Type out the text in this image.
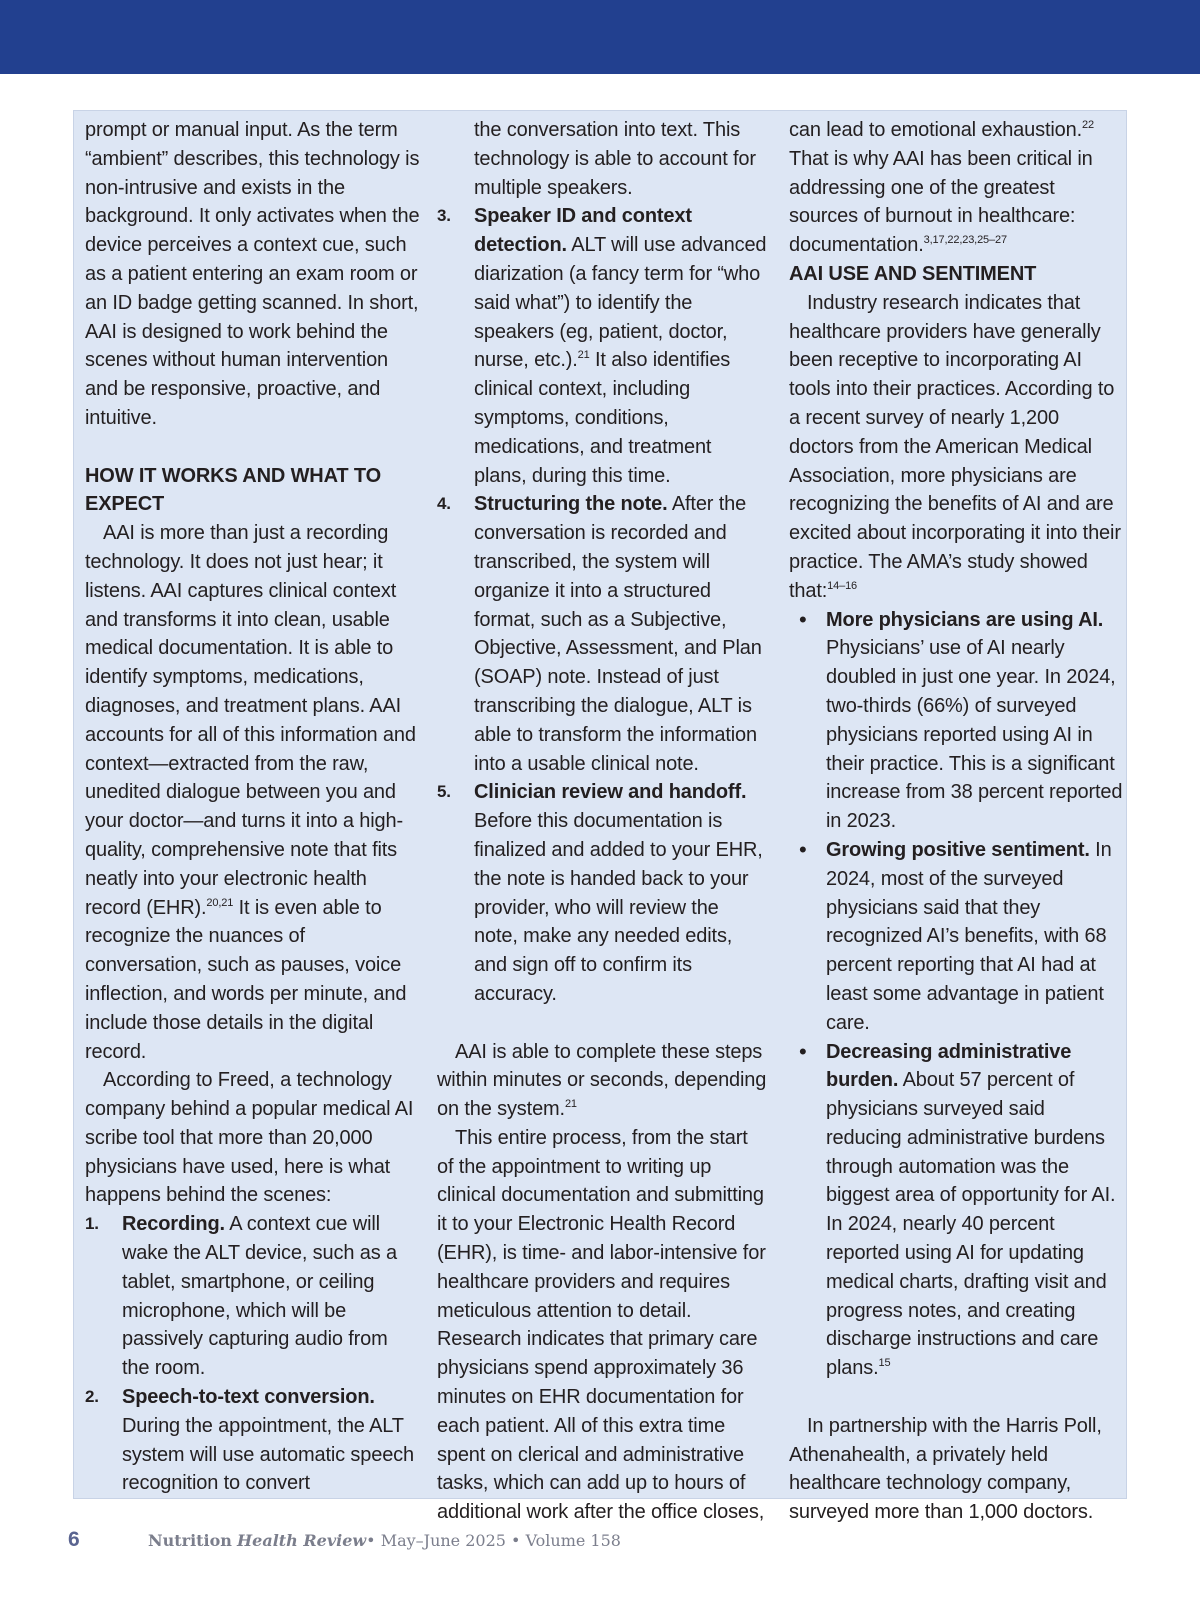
prompt or manual input. As the term “ambient” describes, this technology is non-intrusive and exists in the background. It only activates when the device perceives a context cue, such as a patient entering an exam room or an ID badge getting scanned. In short, AAI is designed to work behind the scenes without human intervention and be responsive, proactive, and intuitive.

HOW IT WORKS AND WHAT TO EXPECT

AAI is more than just a recording technology. It does not just hear; it listens. AAI captures clinical context and transforms it into clean, usable medical documentation. It is able to identify symptoms, medications, diagnoses, and treatment plans. AAI accounts for all of this information and context—extracted from the raw, unedited dialogue between you and your doctor—and turns it into a high-quality, comprehensive note that fits neatly into your electronic health record (EHR).$^{20,21}$ It is even able to recognize the nuances of conversation, such as pauses, voice inflection, and words per minute, and include those details in the digital record.

According to Freed, a technology company behind a popular medical AI scribe tool that more than 20,000 physicians have used, here is what happens behind the scenes:

1.	Recording. A context cue will wake the ALT device, such as a tablet, smartphone, or ceiling microphone, which will be passively capturing audio from the room.
2.	Speech-to-text conversion. During the appointment, the ALT system will use automatic speech recognition to convert
the conversation into text. This technology is able to account for multiple speakers.
3.	Speaker ID and context detection. ALT will use advanced diarization (a fancy term for “who said what”) to identify the speakers (eg, patient, doctor, nurse, etc.).$^{21}$ It also identifies clinical context, including symptoms, conditions, medications, and treatment plans, during this time.
4.	Structuring the note. After the conversation is recorded and transcribed, the system will organize it into a structured format, such as a Subjective, Objective, Assessment, and Plan (SOAP) note. Instead of just transcribing the dialogue, ALT is able to transform the information into a usable clinical note.
5.	Clinician review and handoff. Before this documentation is finalized and added to your EHR, the note is handed back to your provider, who will review the note, make any needed edits, and sign off to confirm its accuracy.

AAI is able to complete these steps within minutes or seconds, depending on the system.$^{21}$

This entire process, from the start of the appointment to writing up clinical documentation and submitting it to your Electronic Health Record (EHR), is time- and labor-intensive for healthcare providers and requires meticulous attention to detail. Research indicates that primary care physicians spend approximately 36 minutes on EHR documentation for each patient. All of this extra time spent on clerical and administrative tasks, which can add up to hours of additional work after the office closes,

can lead to emotional exhaustion.$^{22}$ That is why AAI has been critical in addressing one of the greatest sources of burnout in healthcare: documentation.$^{3,17,22,23,25-27}$

AAI USE AND SENTIMENT

Industry research indicates that healthcare providers have generally been receptive to incorporating AI tools into their practices. According to a recent survey of nearly 1,200 doctors from the American Medical Association, more physicians are recognizing the benefits of AI and are excited about incorporating it into their practice. The AMA’s study showed that:$^{14-16}$

• More physicians are using AI. Physicians’ use of AI nearly doubled in just one year. In 2024, two-thirds (66%) of surveyed physicians reported using AI in their practice. This is a significant increase from 38 percent reported in 2023.
• Growing positive sentiment. In 2024, most of the surveyed physicians said that they recognized AI’s benefits, with 68 percent reporting that AI had at least some advantage in patient care.
• Decreasing administrative burden. About 57 percent of physicians surveyed said reducing administrative burdens through automation was the biggest area of opportunity for AI. In 2024, nearly 40 percent reported using AI for updating medical charts, drafting visit and progress notes, and creating discharge instructions and care plans.$^{15}$

In partnership with the Harris Poll, Athenahealth, a privately held healthcare technology company, surveyed more than 1,000 doctors.

6	Nutrition
Health Review • May–June 2025 • Volume 158
